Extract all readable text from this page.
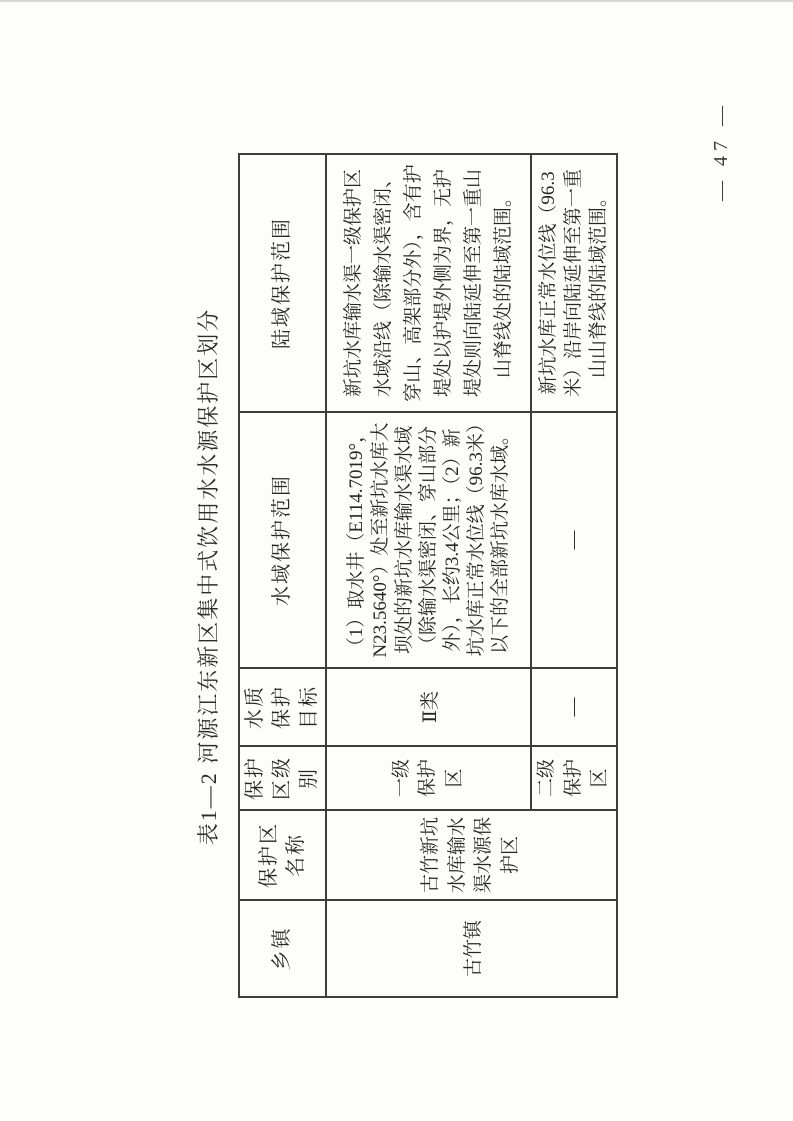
表1—2 河源江东新区集中式饮用水水源保护区划分
乡镇	保护区名称	保护区级别	水质保护目标	水域保护范围	陆域保护范围
古竹镇	古竹新坑水库输水渠水源保护区	一级保护区	Ⅱ类	（1）取水井（E114.7019°，N23.5640°）处至新坑水库大坝处的新坑水库输水渠水域（除输水渠密闭、穿山部分外），长约3.4公里；（2）新坑水库正常水位线（96.3米）以下的全部新坑水库水域。	新坑水库输水渠一级保护区水域沿线（除输水渠密闭、穿山、高架部分外），含有护堤处以护堤外侧为界，无护堤处则向陆延伸至第一重山山脊线处的陆域范围。
		二级保护区	—	—	新坑水库正常水位线（96.3米）沿岸向陆延伸至第一重山山脊线的陆域范围。
— 47 —
